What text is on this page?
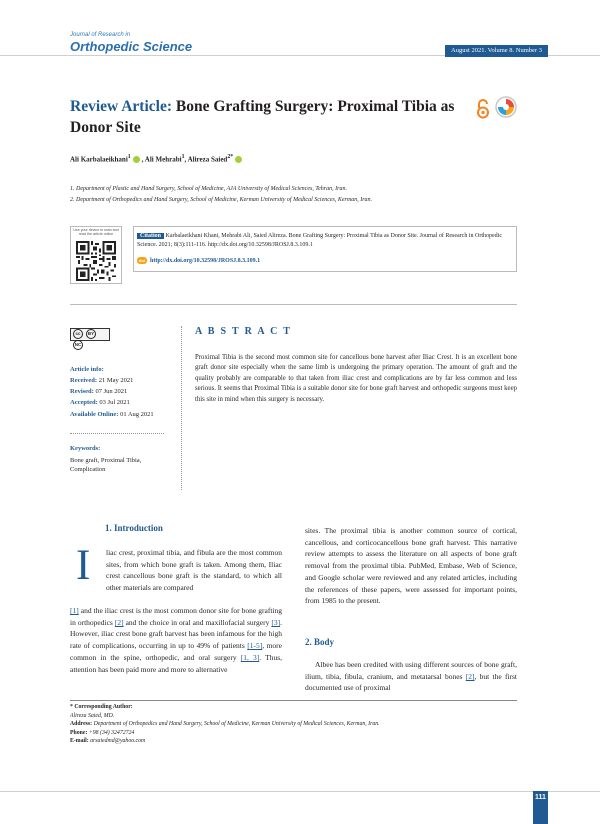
Journal of Research in
Orthopedic Science	August 2021. Volume 8. Number 3
Review Article: Bone Grafting Surgery: Proximal Tibia as Donor Site
Ali Karbalaeikhani$^1$ , Ali Mehrabi$^1$, Alireza Saied$^{2*}$
1. Department of Plastic and Hand Surgery, School of Medicine, AJA University of Medical Sciences, Tehran, Iran.
2. Department of Orthopedics and Hand Surgery, School of Medicine, Kerman University of Medical Sciences, Kerman, Iran.
Use your device to scan and read the article online	Citation Karbalaeikhani Khani, Mehrabi Ali, Saied Alireza. Bone Grafting Surgery: Proximal Tibia as Donor Site. Journal of Research in Orthopedic Science. 2021; 8(3):111-116. http://dx.doi.org/10.32598/JROSJ.8.3.109.1
doi http://dx.doi.org/10.32598/JROSJ.8.3.109.1
cc BYNC
Article info:
Received: 21 May 2021
Revised: 07 Jun 2021
Accepted: 03 Jul 2021
Available Online: 01 Aug 2021
Keywords:
Bone graft, Proximal Tibia, Complication
A B S T R A C T
Proximal Tibia is the second most common site for cancellous bone harvest after Iliac Crest. It is an excellent bone graft donor site especially when the same limb is undergoing the primary operation. The amount of graft and the quality probably are comparable to that taken from iliac crest and complications are by far less common and less serious. It seems that Proximal Tibia is a suitable donor site for bone graft harvest and orthopedic surgeons must keep this site in mind when this surgery is necessary.
1. Introduction
I liac crest, proximal tibia, and fibula are the most common sites, from which bone graft is taken. Among them, Iliac crest cancellous bone graft is the standard, to which all other materials are compared
[1] and the iliac crest is the most common donor site for bone grafting in orthopedics [2] and the choice in oral and maxillofacial surgery [3]. However, iliac crest bone graft harvest has been infamous for the high rate of complications, occurring in up to 49% of patients [1-5], more common in the spine, orthopedic, and oral surgery [1, 3]. Thus, attention has been paid more and more to alternative
sites. The proximal tibia is another common source of cortical, cancellous, and corticocancellous bone graft harvest. This narrative review attempts to assess the literature on all aspects of bone graft removal from the proximal tibia. PubMed, Embase, Web of Science, and Google scholar were reviewed and any related articles, including the references of these papers, were assessed for important points, from 1985 to the present.
2. Body
Albee has been credited with using different sources of bone graft, ilium, tibia, fibula, cranium, and metatarsal bones [2], but the first documented use of proximal
* Corresponding Author:
Alireza Saied, MD.
Address: Department of Orthopedics and Hand Surgery, School of Medicine, Kerman University of Medical Sciences, Kerman, Iran.
Phone: +98 (34) 32472724
E-mail: arsaiedmd@yahoo.com
111
